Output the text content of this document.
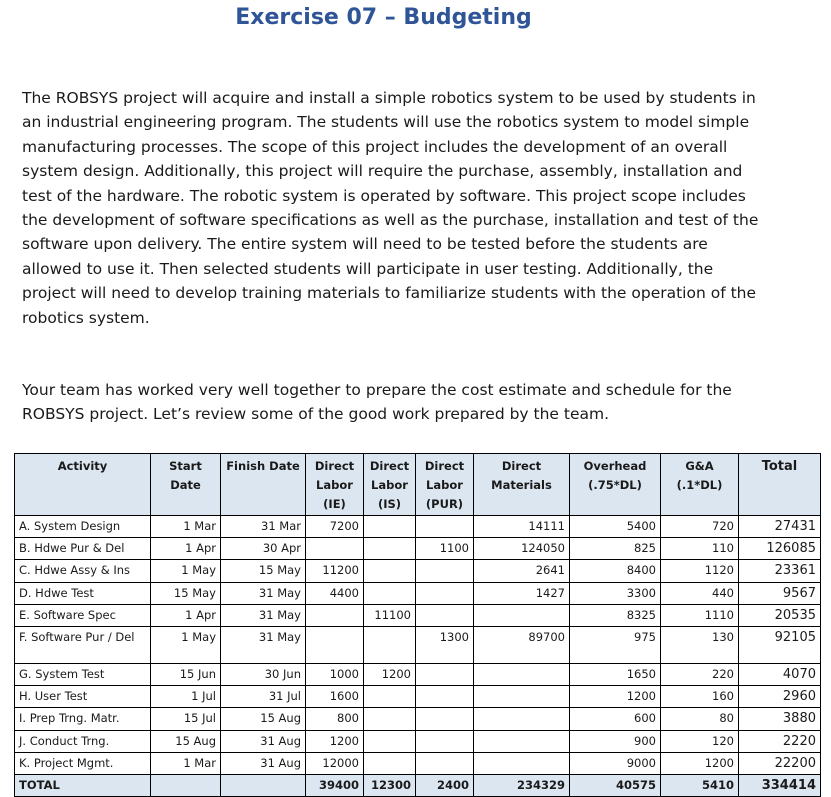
Exercise 07 – Budgeting

The ROBSYS project will acquire and install a simple robotics system to be used by students in an industrial engineering program. The students will use the robotics system to model simple manufacturing processes. The scope of this project includes the development of an overall system design. Additionally, this project will require the purchase, assembly, installation and test of the hardware. The robotic system is operated by software. This project scope includes the development of software specifications as well as the purchase, installation and test of the software upon delivery. The entire system will need to be tested before the students are allowed to use it. Then selected students will participate in user testing. Additionally, the project will need to develop training materials to familiarize students with the operation of the robotics system.

Your team has worked very well together to prepare the cost estimate and schedule for the ROBSYS project. Let’s review some of the good work prepared by the team.

Activity	Start Date	Finish Date	Direct Labor (IE)	Direct Labor (IS)	Direct Labor (PUR)	Direct Materials	Overhead (.75*DL)	G&A (.1*DL)	Total
A. System Design	1 Mar	31 Mar	7200			14111	5400	720	27431
B. Hdwe Pur & Del	1 Apr	30 Apr			1100	124050	825	110	126085
C. Hdwe Assy & Ins	1 May	15 May	11200			2641	8400	1120	23361
D. Hdwe Test	15 May	31 May	4400			1427	3300	440	9567
E. Software Spec	1 Apr	31 May		11100			8325	1110	20535
F. Software Pur / Del	1 May	31 May			1300	89700	975	130	92105
G. System Test	15 Jun	30 Jun	1000	1200			1650	220	4070
H. User Test	1 Jul	31 Jul	1600				1200	160	2960
I. Prep Trng. Matr.	15 Jul	15 Aug	800				600	80	3880
J. Conduct Trng.	15 Aug	31 Aug	1200				900	120	2220
K. Project Mgmt.	1 Mar	31 Aug	12000				9000	1200	22200
TOTAL			39400	12300	2400	234329	40575	5410	334414
